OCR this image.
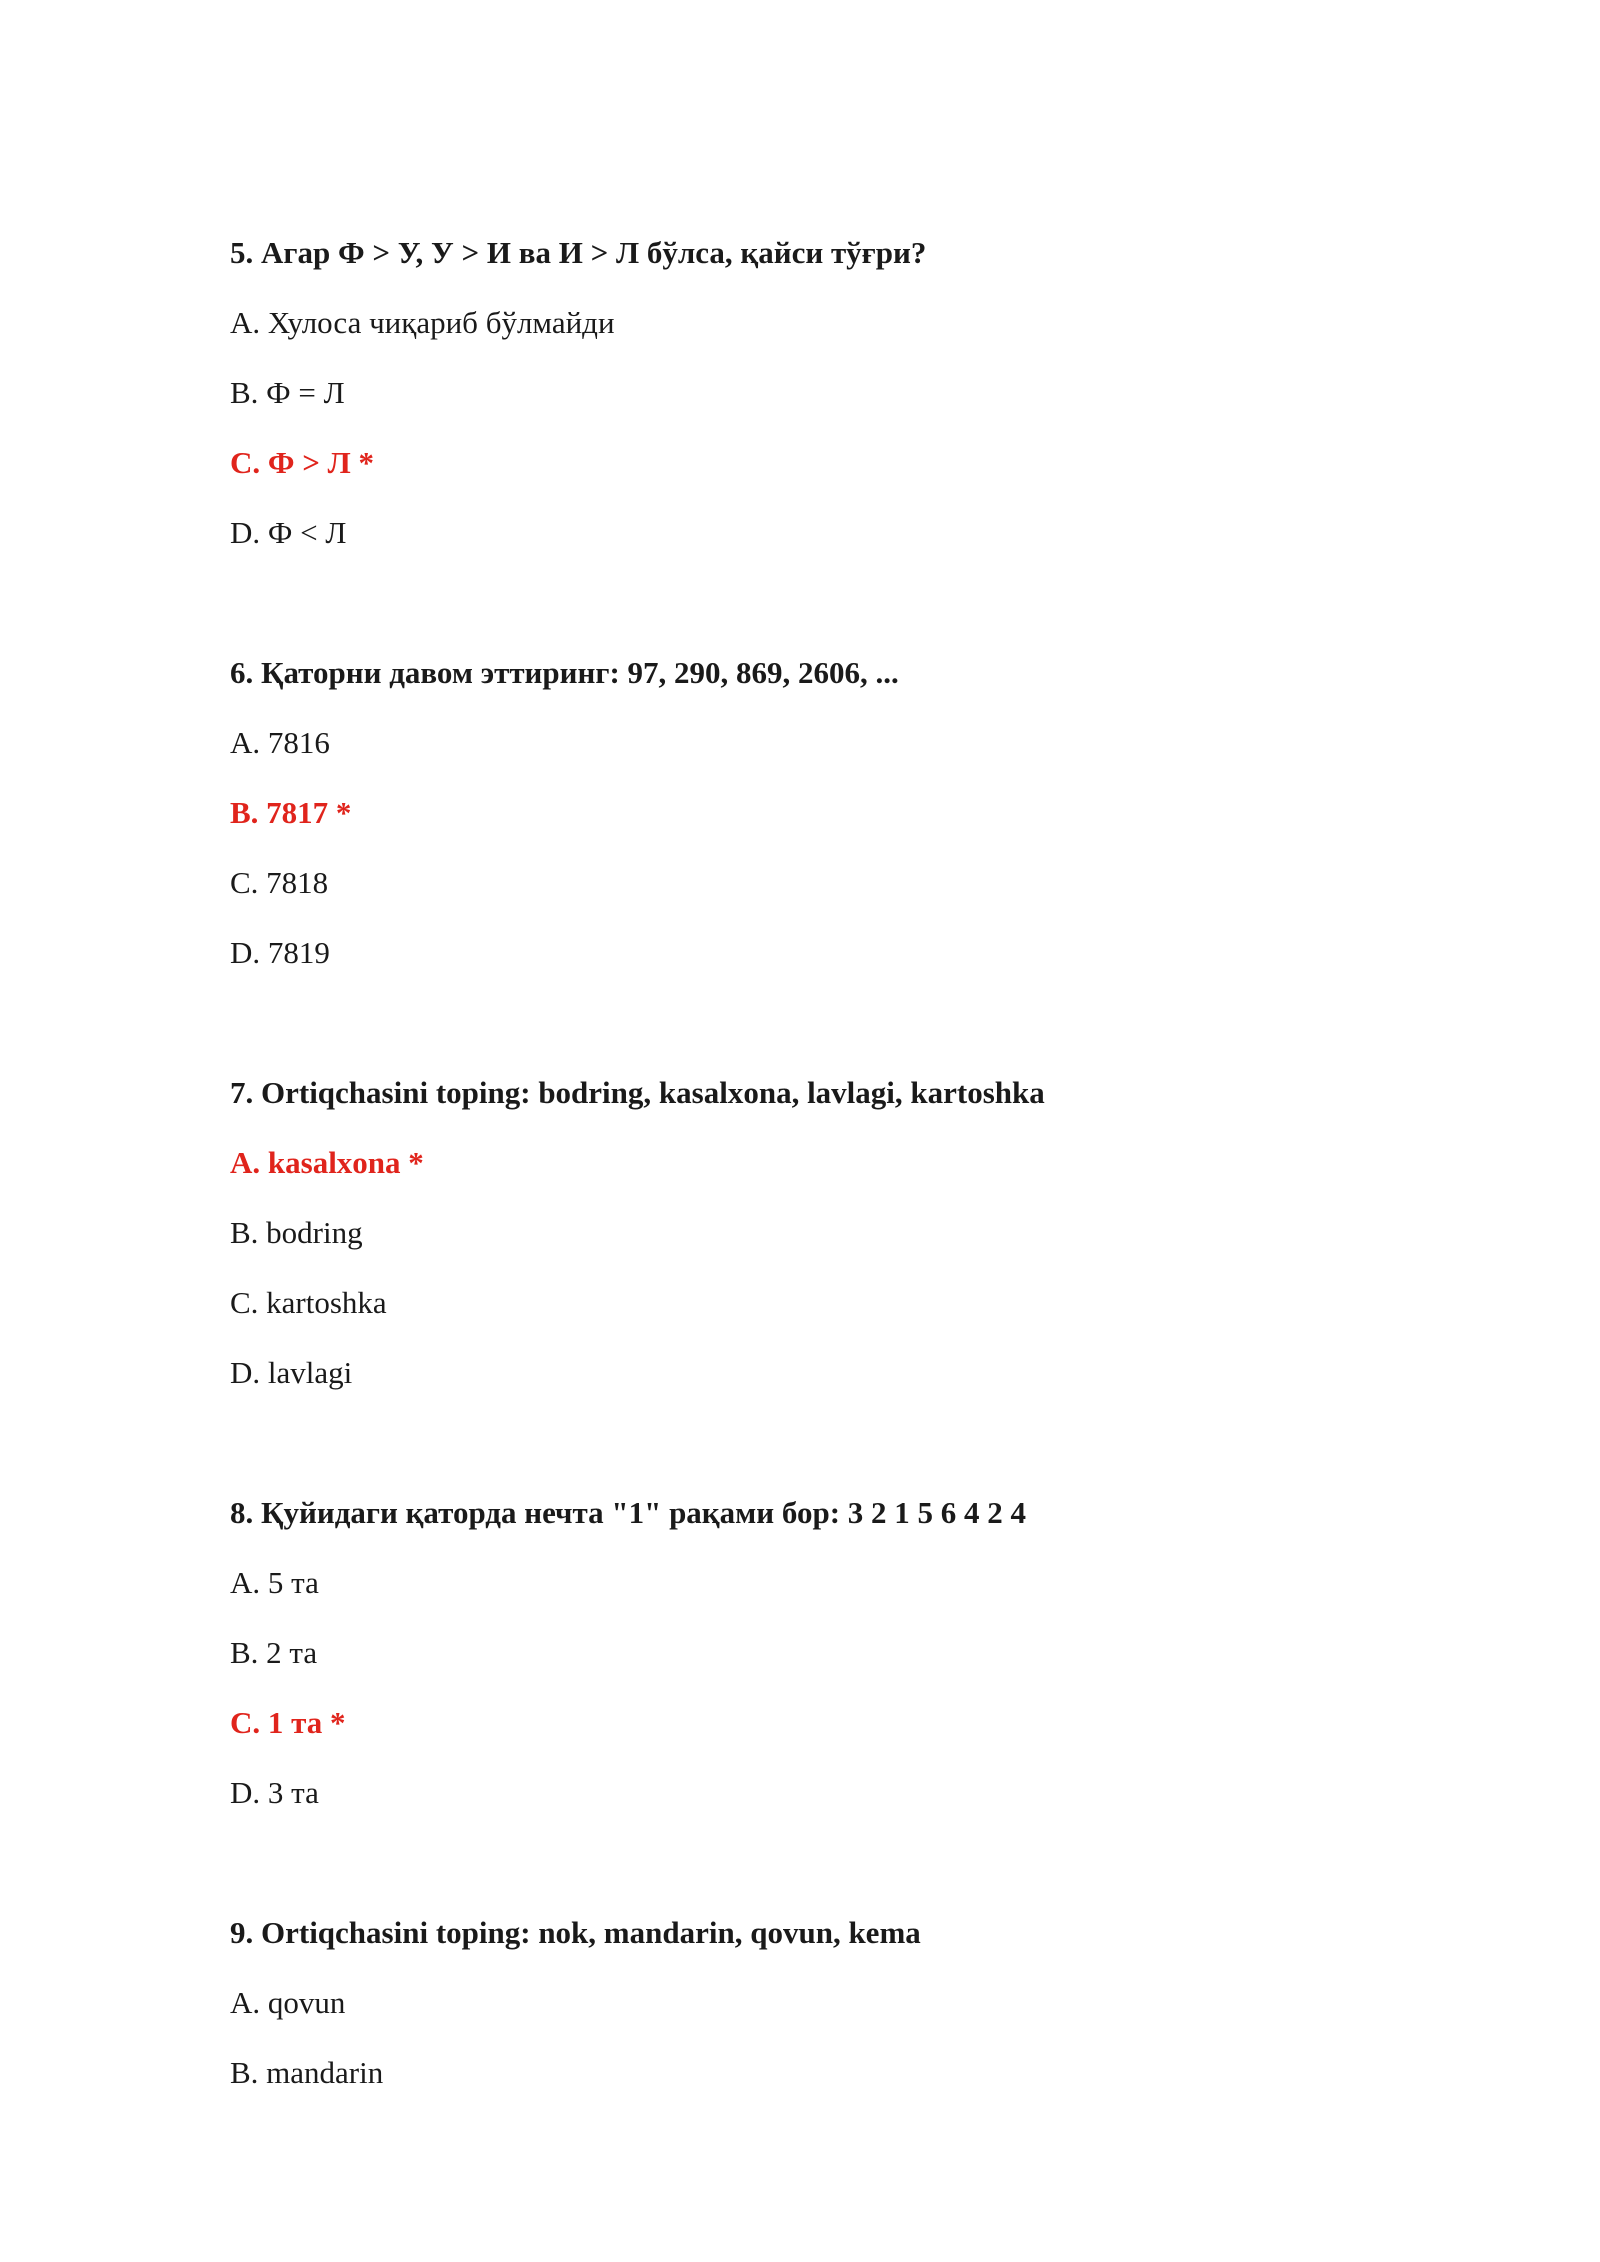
5. Агар Ф > У, У > И ва И > Л бўлса, қайси тўғри?
A. Хулоса чиқариб бўлмайди
B. Ф = Л
C. Ф > Л *
D. Ф < Л
6. Қаторни давом эттиринг: 97, 290, 869, 2606, ...
A. 7816
B. 7817 *
C. 7818
D. 7819
7. Ortiqchasini toping: bodring, kasalxona, lavlagi, kartoshka
A. kasalxona *
B. bodring
C. kartoshka
D. lavlagi
8. Қуйидаги қаторда нечта "1" рақами бор: 3 2 1 5 6 4 2 4
A. 5 та
B. 2 та
C. 1 та *
D. 3 та
9. Ortiqchasini toping: nok, mandarin, qovun, kema
A. qovun
B. mandarin
